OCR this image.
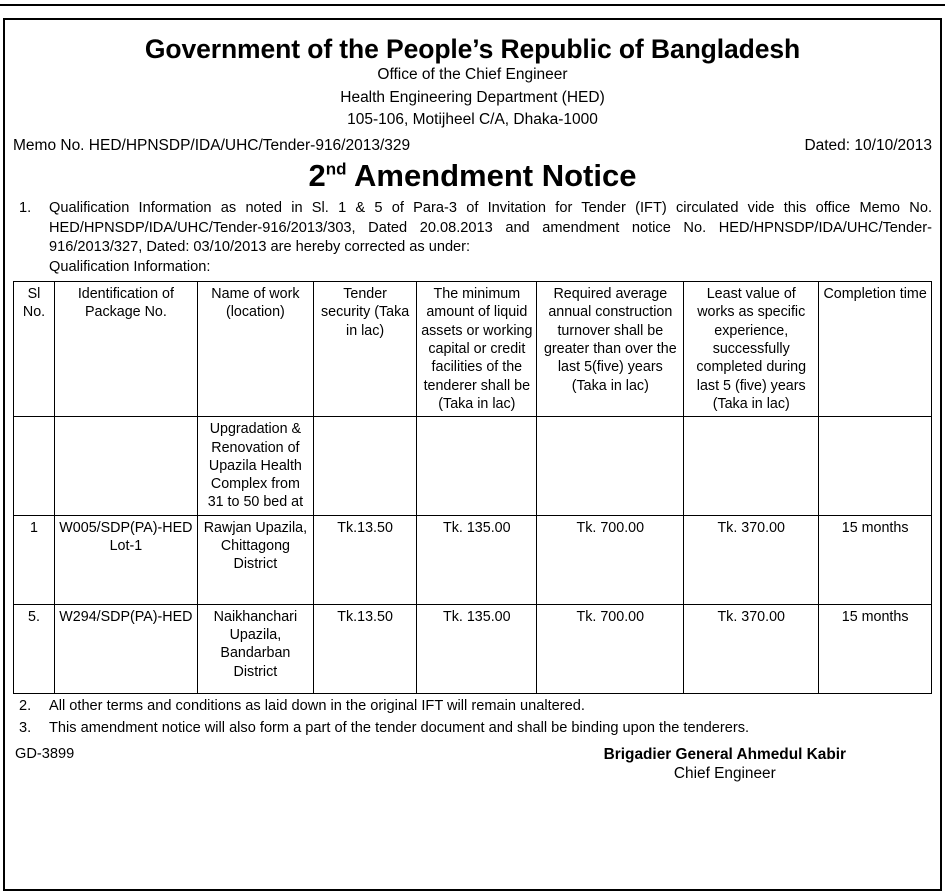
Government of the People’s Republic of Bangladesh
Office of the Chief Engineer
Health Engineering Department (HED)
105-106, Motijheel C/A, Dhaka-1000
Memo No. HED/HPNSDP/IDA/UHC/Tender-916/2013/329	Dated: 10/10/2013
2nd Amendment Notice
1.	Qualification Information as noted in Sl. 1 & 5 of Para-3 of Invitation for Tender (IFT) circulated vide this office Memo No. HED/HPNSDP/IDA/UHC/Tender-916/2013/303, Dated 20.08.2013 and amendment notice No. HED/HPNSDP/IDA/UHC/Tender-916/2013/327, Dated: 03/10/2013 are hereby corrected as under:
Qualification Information:
Sl No.	Identification of Package No.	Name of work (location)	Tender security (Taka in lac)	The minimum amount of liquid assets or working capital or credit facilities of the tenderer shall be (Taka in lac)	Required average annual construction turnover shall be greater than over the last 5(five) years (Taka in lac)	Least value of works as specific experience, successfully completed during last 5 (five) years (Taka in lac)	Completion time
		Upgradation & Renovation of Upazila Health Complex from 31 to 50 bed at					
1	W005/SDP(PA)-HED Lot-1	Rawjan Upazila, Chittagong District	Tk.13.50	Tk. 135.00	Tk. 700.00	Tk. 370.00	15 months
5.	W294/SDP(PA)-HED	Naikhanchari Upazila, Bandarban District	Tk.13.50	Tk. 135.00	Tk. 700.00	Tk. 370.00	15 months
2.	All other terms and conditions as laid down in the original IFT will remain unaltered.
3.	This amendment notice will also form a part of the tender document and shall be binding upon the tenderers.
GD-3899	Brigadier General Ahmedul Kabir
Chief Engineer
